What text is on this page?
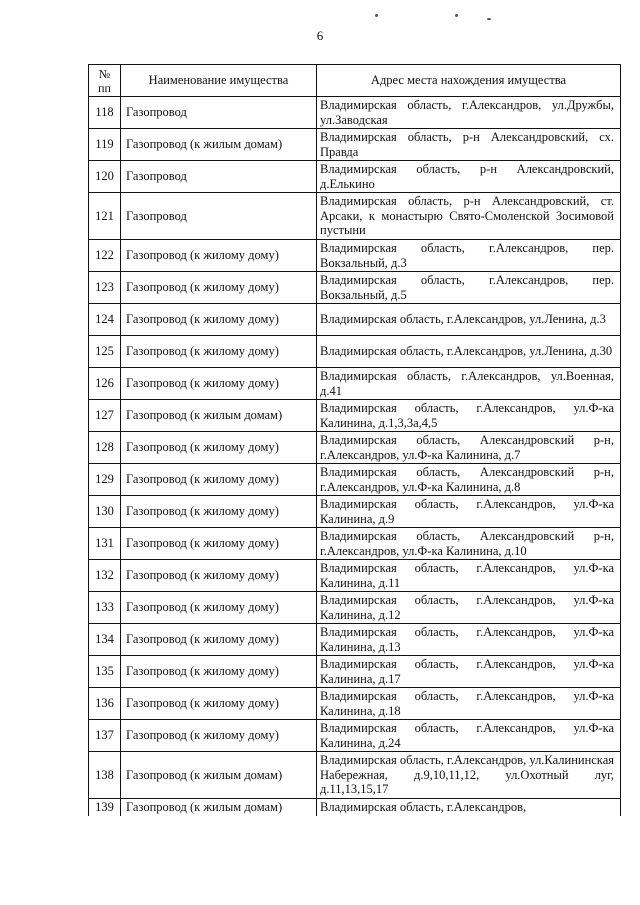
6
№ пп	Наименование имущества	Адрес места нахождения имущества
118	Газопровод	Владимирская область, г.Александров, ул.Дружбы, ул.Заводская
119	Газопровод (к жилым домам)	Владимирская область, р-н Александровский, сх. Правда
120	Газопровод	Владимирская область, р-н Александровский, д.Елькино
121	Газопровод	Владимирская область, р-н Александровский, ст. Арсаки, к монастырю Свято-Смоленской Зосимовой пустыни
122	Газопровод (к жилому дому)	Владимирская область, г.Александров, пер. Вокзальный, д.3
123	Газопровод (к жилому дому)	Владимирская область, г.Александров, пер. Вокзальный, д.5
124	Газопровод (к жилому дому)	Владимирская область, г.Александров, ул.Ленина, д.3
125	Газопровод (к жилому дому)	Владимирская область, г.Александров, ул.Ленина, д.30
126	Газопровод (к жилому дому)	Владимирская область, г.Александров, ул.Военная, д.41
127	Газопровод (к жилым домам)	Владимирская область, г.Александров, ул.Ф-ка Калинина, д.1,3,3а,4,5
128	Газопровод (к жилому дому)	Владимирская область, Александровский р-н, г.Александров, ул.Ф-ка Калинина, д.7
129	Газопровод (к жилому дому)	Владимирская область, Александровский р-н, г.Александров, ул.Ф-ка Калинина, д.8
130	Газопровод (к жилому дому)	Владимирская область, г.Александров, ул.Ф-ка Калинина, д.9
131	Газопровод (к жилому дому)	Владимирская область, Александровский р-н, г.Александров, ул.Ф-ка Калинина, д.10
132	Газопровод (к жилому дому)	Владимирская область, г.Александров, ул.Ф-ка Калинина, д.11
133	Газопровод (к жилому дому)	Владимирская область, г.Александров, ул.Ф-ка Калинина, д.12
134	Газопровод (к жилому дому)	Владимирская область, г.Александров, ул.Ф-ка Калинина, д.13
135	Газопровод (к жилому дому)	Владимирская область, г.Александров, ул.Ф-ка Калинина, д.17
136	Газопровод (к жилому дому)	Владимирская область, г.Александров, ул.Ф-ка Калинина, д.18
137	Газопровод (к жилому дому)	Владимирская область, г.Александров, ул.Ф-ка Калинина, д.24
138	Газопровод (к жилым домам)	Владимирская область, г.Александров, ул.Калининская Набережная, д.9,10,11,12, ул.Охотный луг, д.11,13,15,17
139	Газопровод (к жилым домам)	Владимирская область, г.Александров,
